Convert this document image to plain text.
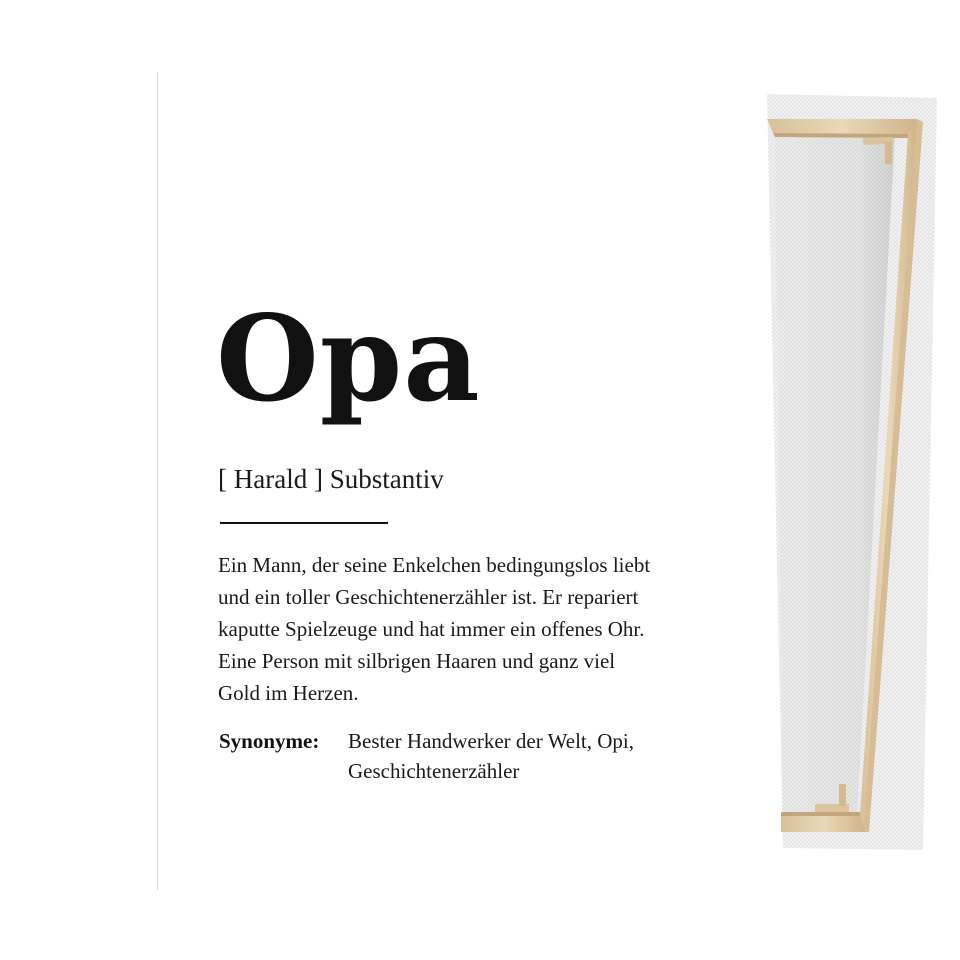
Opa
[ Harald ] Substantiv
Ein Mann, der seine Enkelchen bedingungslos liebt
und ein toller Geschichtenerzähler ist. Er repariert
kaputte Spielzeuge und hat immer ein offenes Ohr.
Eine Person mit silbrigen Haaren und ganz viel
Gold im Herzen.
Synonyme: Bester Handwerker der Welt, Opi,
Geschichtenerzähler
